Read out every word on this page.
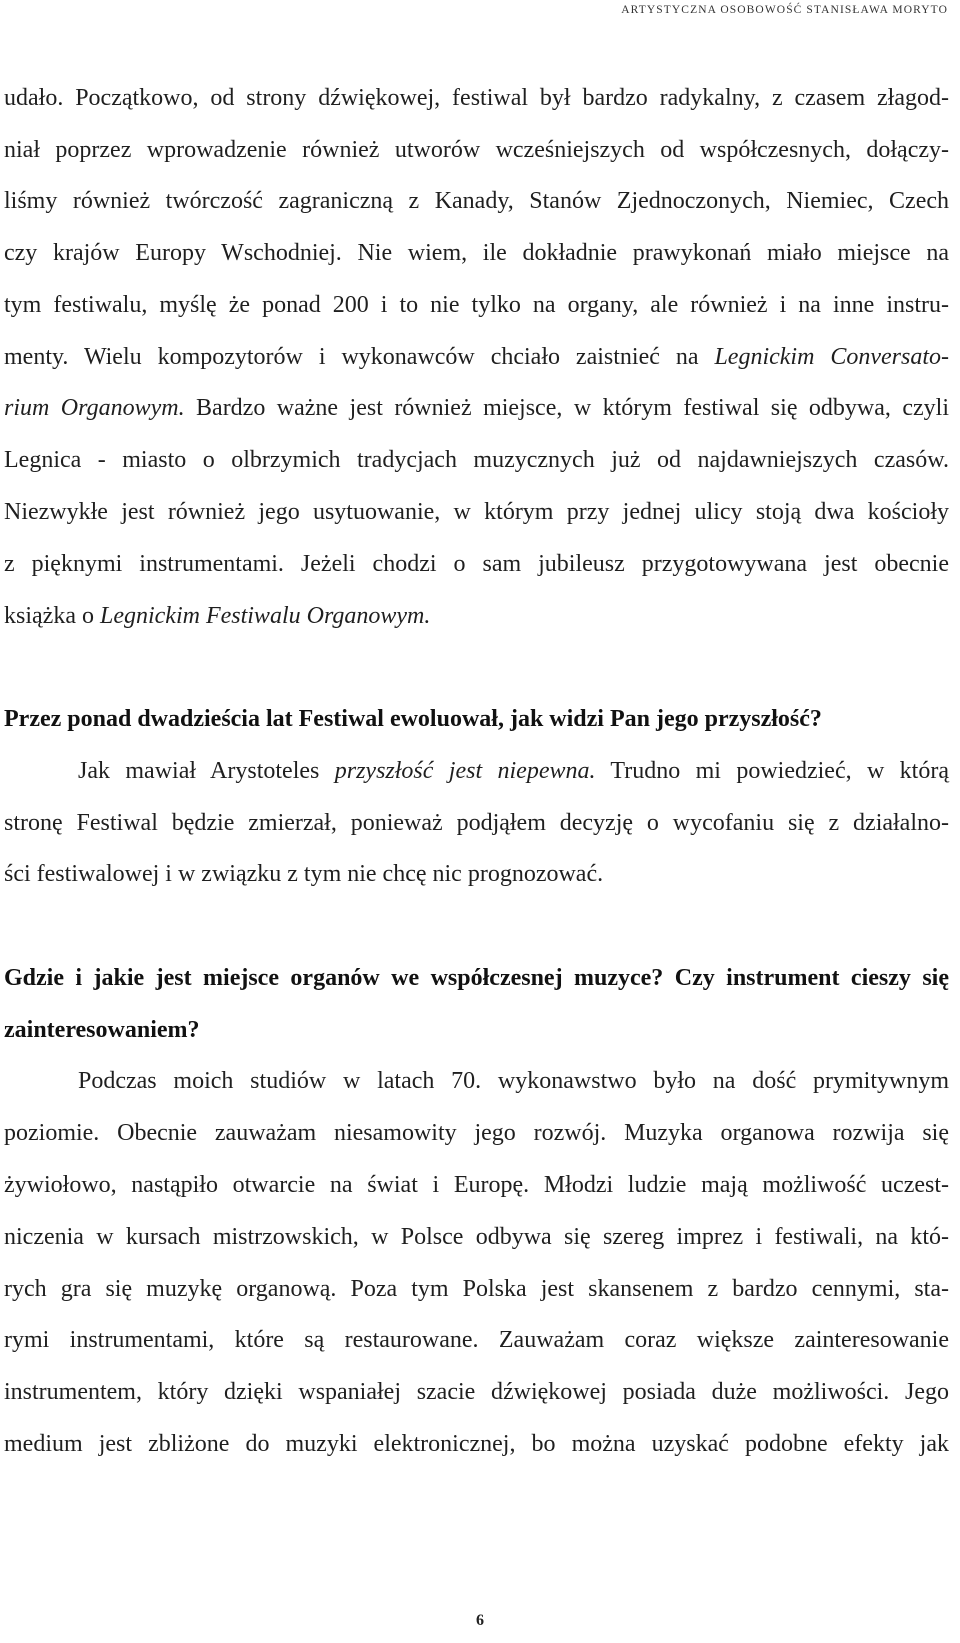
ARTYSTYCZNA OSOBOWOŚĆ STANISŁAWA MORYTO
udało. Początkowo, od strony dźwiękowej, festiwal był bardzo radykalny, z czasem złagod-
niał poprzez wprowadzenie również utworów wcześniejszych od współczesnych, dołączy-
liśmy również twórczość zagraniczną z Kanady, Stanów Zjednoczonych, Niemiec, Czech
czy krajów Europy Wschodniej. Nie wiem, ile dokładnie prawykonań miało miejsce na
tym festiwalu, myślę że ponad 200 i to nie tylko na organy, ale również i na inne instru-
menty. Wielu kompozytorów i wykonawców chciało zaistnieć na Legnickim Conversato-
rium Organowym. Bardzo ważne jest również miejsce, w którym festiwal się odbywa, czyli
Legnica - miasto o olbrzymich tradycjach muzycznych już od najdawniejszych czasów.
Niezwykłe jest również jego usytuowanie, w którym przy jednej ulicy stoją dwa kościoły
z pięknymi instrumentami. Jeżeli chodzi o sam jubileusz przygotowywana jest obecnie
książka o Legnickim Festiwalu Organowym.
Przez ponad dwadzieścia lat Festiwal ewoluował, jak widzi Pan jego przyszłość?
Jak mawiał Arystoteles przyszłość jest niepewna. Trudno mi powiedzieć, w którą
stronę Festiwal będzie zmierzał, ponieważ podjąłem decyzję o wycofaniu się z działalno-
ści festiwalowej i w związku z tym nie chcę nic prognozować.
Gdzie i jakie jest miejsce organów we współczesnej muzyce? Czy instrument cieszy się
zainteresowaniem?
Podczas moich studiów w latach 70. wykonawstwo było na dość prymitywnym
poziomie. Obecnie zauważam niesamowity jego rozwój. Muzyka organowa rozwija się
żywiołowo, nastąpiło otwarcie na świat i Europę. Młodzi ludzie mają możliwość uczest-
niczenia w kursach mistrzowskich, w Polsce odbywa się szereg imprez i festiwali, na któ-
rych gra się muzykę organową. Poza tym Polska jest skansenem z bardzo cennymi, sta-
rymi instrumentami, które są restaurowane. Zauważam coraz większe zainteresowanie
instrumentem, który dzięki wspaniałej szacie dźwiękowej posiada duże możliwości. Jego
medium jest zbliżone do muzyki elektronicznej, bo można uzyskać podobne efekty jak
6
